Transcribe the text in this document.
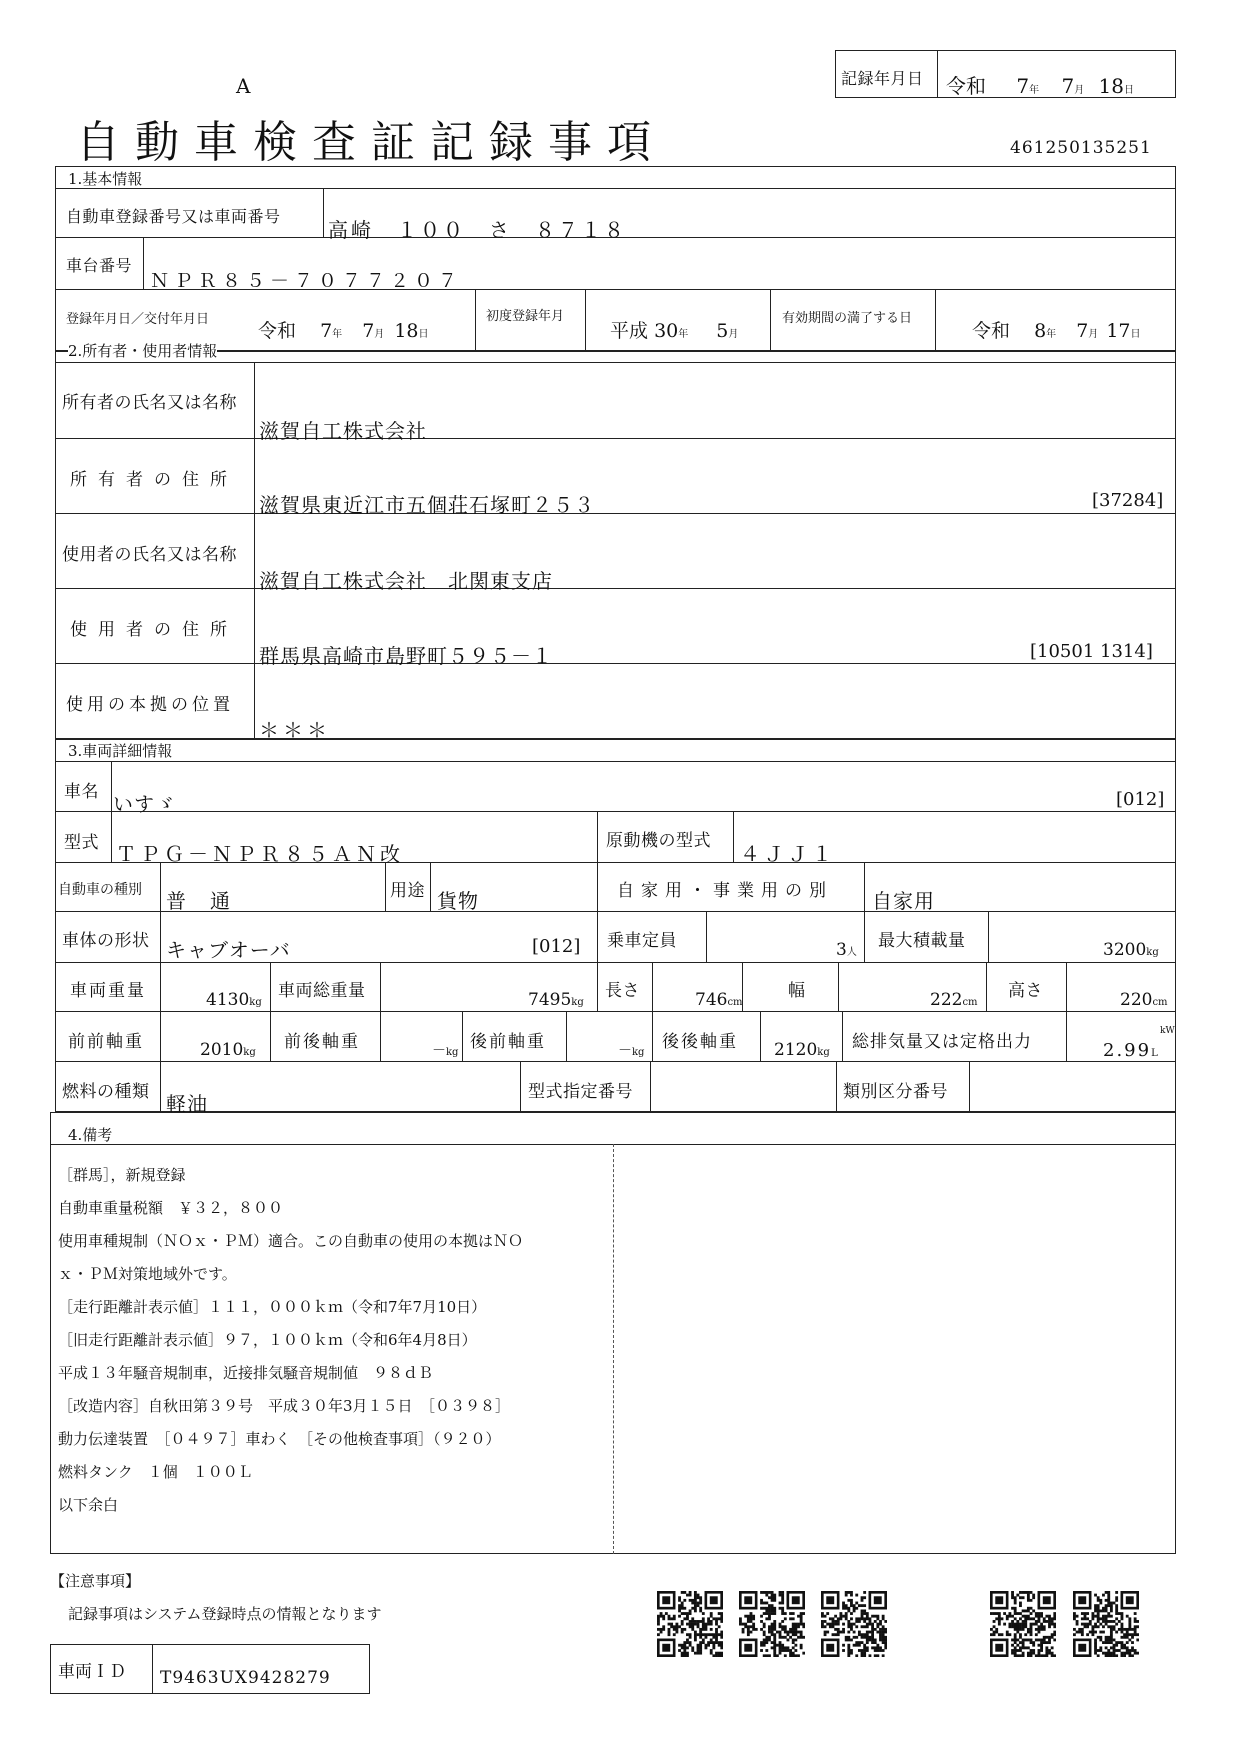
A
自動車検査証記録事項
記録年月日 令和 7年 7月 18日
461250135251
1.基本情報
自動車登録番号又は車両番号
高崎　１００　さ　８７１８
車台番号
ＮＰＲ８５－７０７７２０７
登録年月日／交付年月日
令和 7年 7月 18日
初度登録年月
平成 30年 5月
有効期間の満了する日
令和 8年 7月 17日
2.所有者・使用者情報
所有者の氏名又は名称
滋賀自工株式会社
所有者の住所
滋賀県東近江市五個荘石塚町２５３	[37284]
使用者の氏名又は名称
滋賀自工株式会社　北関東支店
使用者の住所
群馬県高崎市島野町５９５－１	[10501 1314]
使用の本拠の位置
＊＊＊
3.車両詳細情報
車名 いすゞ	[012]
型式 ＴＰＧ－ＮＰＲ８５ＡＮ改
原動機の型式
４ＪＪ１
自動車の種別 普　通	用途 貨物	自家用・事業用の別 自家用
車体の形状 キャブオーバ	[012] 乗車定員	3人
最大積載量	3200kg
車両重量	4130kg
車両総重量	7495kg
長さ	746cm
幅	222cm
高さ	220cm
前前軸重	2010kg
前後軸重	－kg
後前軸重	－kg
後後軸重 2120kg
総排気量又は定格出力
kW
2.99L
燃料の種類 軽油	型式指定番号	類別区分番号
4.備考

［群馬］，新規登録

自動車重量税額　￥３２，８００

使用車種規制（ＮＯｘ・ＰＭ）適合。この自動車の使用の本拠はＮＯ

ｘ・ＰＭ対策地域外です。

［走行距離計表示値］１１１，０００ｋｍ（令和7年7月10日）

［旧走行距離計表示値］９７，１００ｋｍ（令和6年4月8日）

平成１３年騒音規制車，近接排気騒音規制値　９８ｄＢ

［改造内容］自秋田第３９号　平成３０年3月１５日　［０３９８］

動力伝達装置　［０４９７］車わく　［その他検査事項］（９２０）

燃料タンク　１個　１００Ｌ

以下余白

【注意事項】
記録事項はシステム登録時点の情報となります
車両ＩＤ T9463UX9428279
